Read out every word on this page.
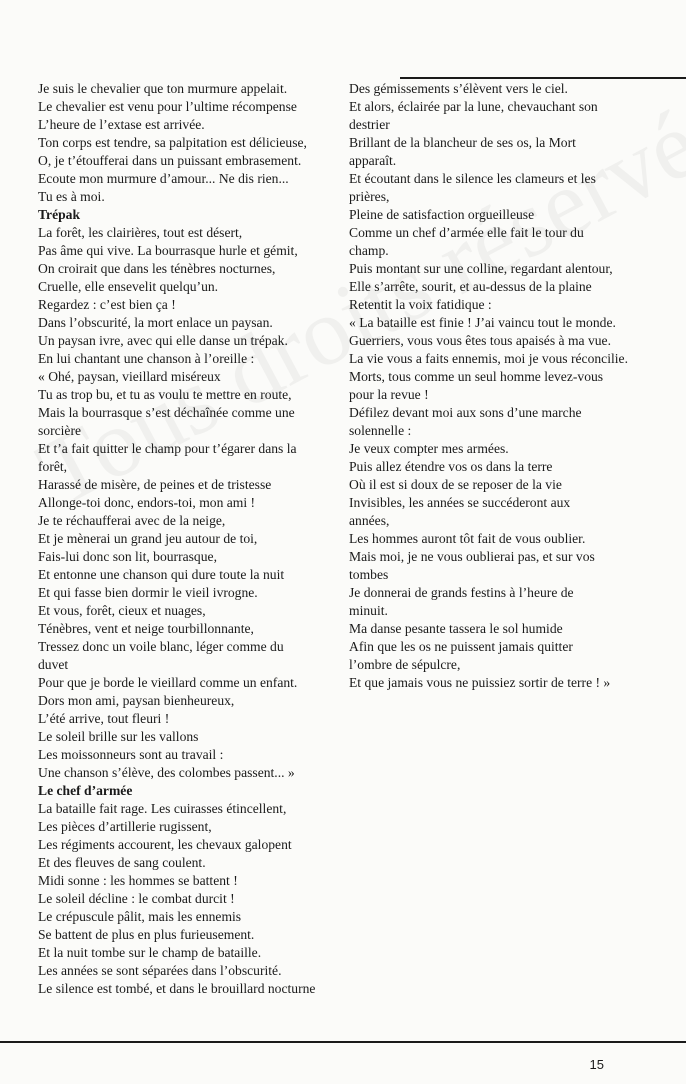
Je suis le chevalier que ton murmure appelait.
Le chevalier est venu pour l’ultime récompense
L’heure de l’extase est arrivée.
Ton corps est tendre, sa palpitation est délicieuse,
O, je t’étoufferai dans un puissant embrasement.
Ecoute mon murmure d’amour... Ne dis rien...
Tu es à moi.
Trépak
La forêt, les clairières, tout est désert,
Pas âme qui vive. La bourrasque hurle et gémit,
On croirait que dans les ténèbres nocturnes,
Cruelle, elle ensevelit quelqu’un.
Regardez : c’est bien ça !
Dans l’obscurité, la mort enlace un paysan.
Un paysan ivre, avec qui elle danse un trépak.
En lui chantant une chanson à l’oreille :
« Ohé, paysan, vieillard miséreux
Tu as trop bu, et tu as voulu te mettre en route,
Mais la bourrasque s’est déchaînée comme une
sorcière
Et t’a fait quitter le champ pour t’égarer dans la
forêt,
Harassé de misère, de peines et de tristesse
Allonge-toi donc, endors-toi, mon ami !
Je te réchaufferai avec de la neige,
Et je mènerai un grand jeu autour de toi,
Fais-lui donc son lit, bourrasque,
Et entonne une chanson qui dure toute la nuit
Et qui fasse bien dormir le vieil ivrogne.
Et vous, forêt, cieux et nuages,
Ténèbres, vent et neige tourbillonnante,
Tressez donc un voile blanc, léger comme du
duvet
Pour que je borde le vieillard comme un enfant.
Dors mon ami, paysan bienheureux,
L’été arrive, tout fleuri !
Le soleil brille sur les vallons
Les moissonneurs sont au travail :
Une chanson s’élève, des colombes passent... »
Le chef d’armée
La bataille fait rage. Les cuirasses étincellent,
Les pièces d’artillerie rugissent,
Les régiments accourent, les chevaux galopent
Et des fleuves de sang coulent.
Midi sonne : les hommes se battent !
Le soleil décline : le combat durcit !
Le crépuscule pâlit, mais les ennemis
Se battent de plus en plus furieusement.
Et la nuit tombe sur le champ de bataille.
Les années se sont séparées dans l’obscurité.
Le silence est tombé, et dans le brouillard nocturne
Des gémissements s’élèvent vers le ciel.
Et alors, éclairée par la lune, chevauchant son
destrier
Brillant de la blancheur de ses os, la Mort
apparaît.
Et écoutant dans le silence les clameurs et les
prières,
Pleine de satisfaction orgueilleuse
Comme un chef d’armée elle fait le tour du
champ.
Puis montant sur une colline, regardant alentour,
Elle s’arrête, sourit, et au-dessus de la plaine
Retentit la voix fatidique :
« La bataille est finie ! J’ai vaincu tout le monde.
Guerriers, vous vous êtes tous apaisés à ma vue.
La vie vous a faits ennemis, moi je vous réconcilie.
Morts, tous comme un seul homme levez-vous
pour la revue !
Défilez devant moi aux sons d’une marche
solennelle :
Je veux compter mes armées.
Puis allez étendre vos os dans la terre
Où il est si doux de se reposer de la vie
Invisibles, les années se succéderont aux
années,
Les hommes auront tôt fait de vous oublier.
Mais moi, je ne vous oublierai pas, et sur vos
tombes
Je donnerai de grands festins à l’heure de
minuit.
Ma danse pesante tassera le sol humide
Afin que les os ne puissent jamais quitter
l’ombre de sépulcre,
Et que jamais vous ne puissiez sortir de terre ! »
15
